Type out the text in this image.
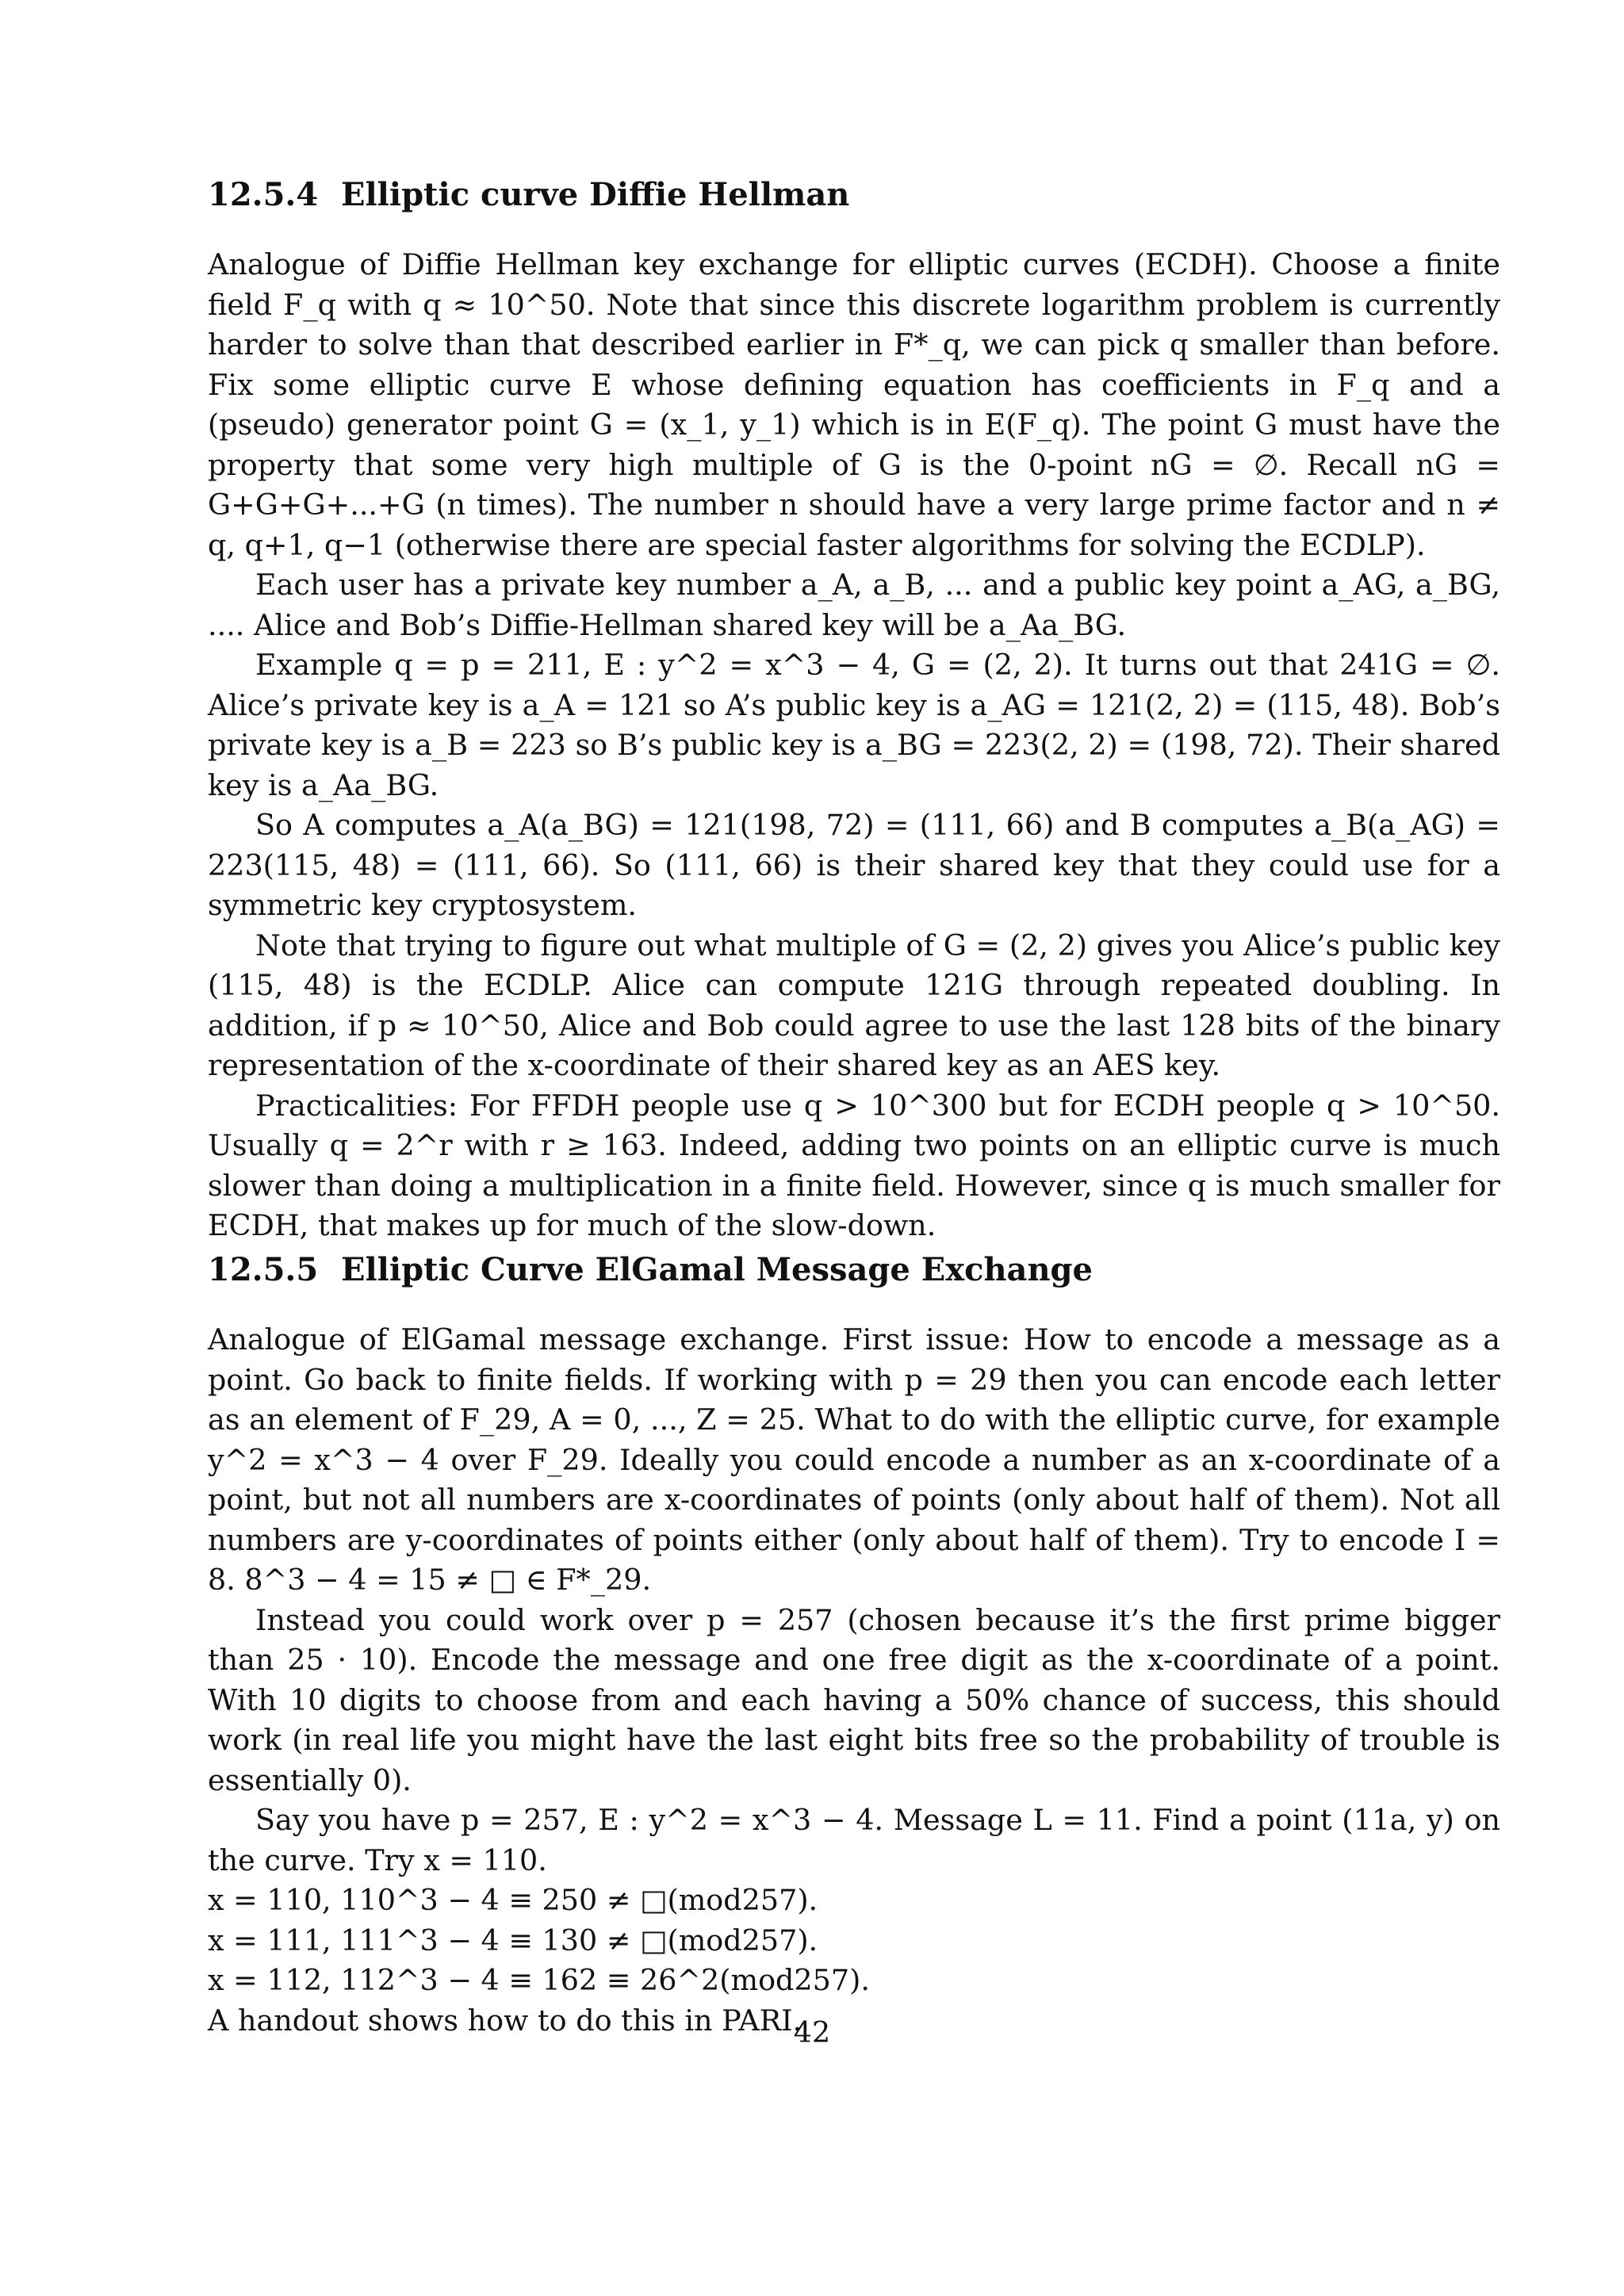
12.5.4 Elliptic curve Diffie Hellman

Analogue of Diffie Hellman key exchange for elliptic curves (ECDH). Choose a finite field F_q with q ≈ 10^50. Note that since this discrete logarithm problem is currently harder to solve than that described earlier in F*_q, we can pick q smaller than before. Fix some elliptic curve E whose defining equation has coefficients in F_q and a (pseudo) generator point G = (x_1, y_1) which is in E(F_q). The point G must have the property that some very high multiple of G is the 0-point nG = ∅. Recall nG = G+G+G+...+G (n times). The number n should have a very large prime factor and n ≠ q, q+1, q−1 (otherwise there are special faster algorithms for solving the ECDLP).

Each user has a private key number a_A, a_B, ... and a public key point a_AG, a_BG, .... Alice and Bob’s Diffie-Hellman shared key will be a_Aa_BG.

Example q = p = 211, E : y^2 = x^3 − 4, G = (2, 2). It turns out that 241G = ∅. Alice’s private key is a_A = 121 so A’s public key is a_AG = 121(2, 2) = (115, 48). Bob’s private key is a_B = 223 so B’s public key is a_BG = 223(2, 2) = (198, 72). Their shared key is a_Aa_BG.

So A computes a_A(a_BG) = 121(198, 72) = (111, 66) and B computes a_B(a_AG) = 223(115, 48) = (111, 66). So (111, 66) is their shared key that they could use for a symmetric key cryptosystem.

Note that trying to figure out what multiple of G = (2, 2) gives you Alice’s public key (115, 48) is the ECDLP. Alice can compute 121G through repeated doubling. In addition, if p ≈ 10^50, Alice and Bob could agree to use the last 128 bits of the binary representation of the x-coordinate of their shared key as an AES key.

Practicalities: For FFDH people use q > 10^300 but for ECDH people q > 10^50. Usually q = 2^r with r ≥ 163. Indeed, adding two points on an elliptic curve is much slower than doing a multiplication in a finite field. However, since q is much smaller for ECDH, that makes up for much of the slow-down.

12.5.5 Elliptic Curve ElGamal Message Exchange

Analogue of ElGamal message exchange. First issue: How to encode a message as a point. Go back to finite fields. If working with p = 29 then you can encode each letter as an element of F_29, A = 0, ..., Z = 25. What to do with the elliptic curve, for example y^2 = x^3 − 4 over F_29. Ideally you could encode a number as an x-coordinate of a point, but not all numbers are x-coordinates of points (only about half of them). Not all numbers are y-coordinates of points either (only about half of them). Try to encode I = 8. 8^3 − 4 = 15 ≠ □ ∈ F*_29.

Instead you could work over p = 257 (chosen because it’s the first prime bigger than 25 · 10). Encode the message and one free digit as the x-coordinate of a point. With 10 digits to choose from and each having a 50% chance of success, this should work (in real life you might have the last eight bits free so the probability of trouble is essentially 0).

Say you have p = 257, E : y^2 = x^3 − 4. Message L = 11. Find a point (11a, y) on the curve. Try x = 110.

x = 110, 110^3 − 4 ≡ 250 ≠ □(mod257).

x = 111, 111^3 − 4 ≡ 130 ≠ □(mod257).

x = 112, 112^3 − 4 ≡ 162 ≡ 26^2(mod257).

A handout shows how to do this in PARI.

42
